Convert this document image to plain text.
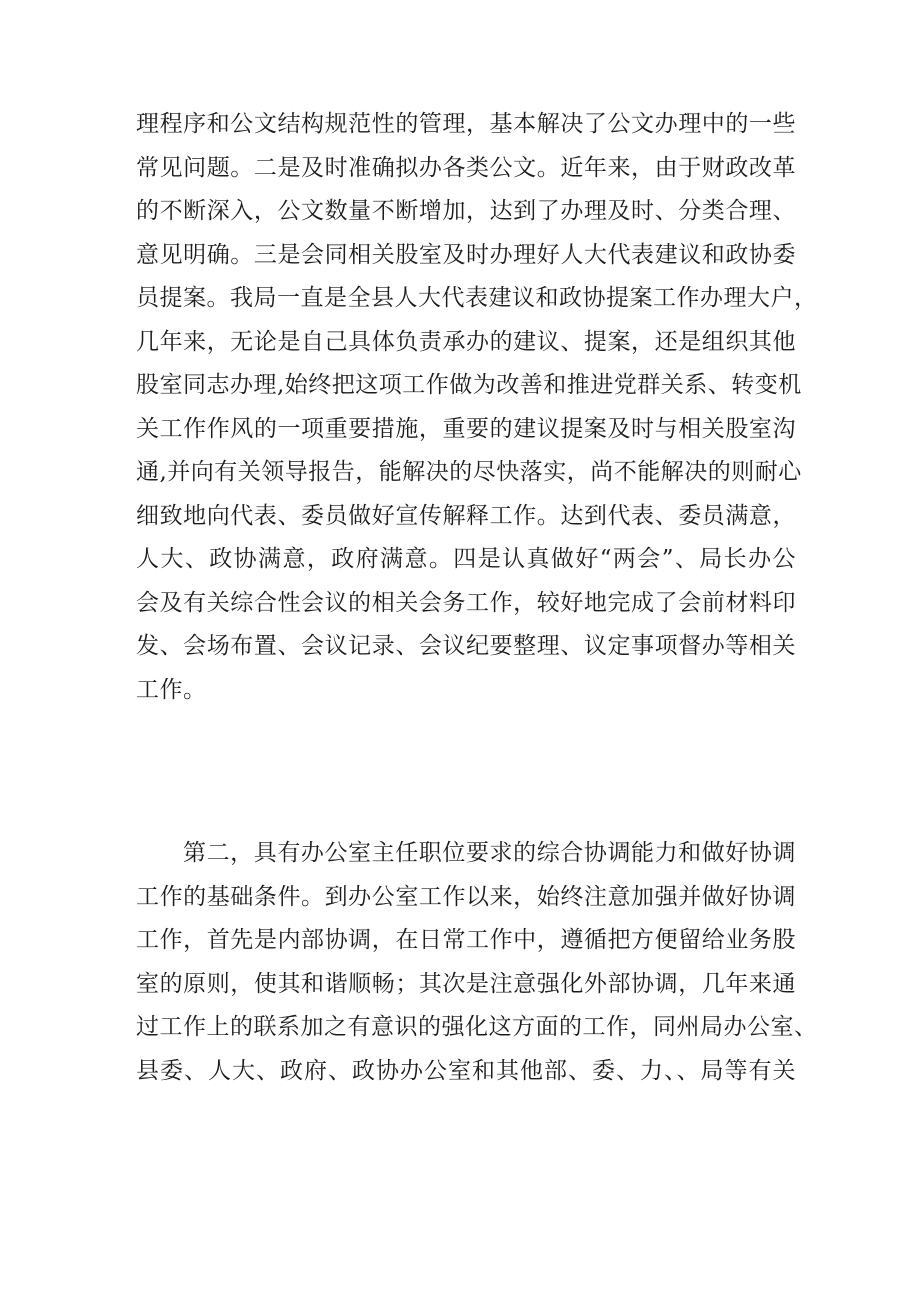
理程序和公文结构规范性的管理，基本解决了公文办理中的一些
常见问题。二是及时准确拟办各类公文。近年来，由于财政改革
的不断深入，公文数量不断增加，达到了办理及时、分类合理、
意见明确。三是会同相关股室及时办理好人大代表建议和政协委
员提案。我局一直是全县人大代表建议和政协提案工作办理大户，
几年来，无论是自己具体负责承办的建议、提案，还是组织其他
股室同志办理,始终把这项工作做为改善和推进党群关系、转变机
关工作作风的一项重要措施，重要的建议提案及时与相关股室沟
通,并向有关领导报告，能解决的尽快落实，尚不能解决的则耐心
细致地向代表、委员做好宣传解释工作。达到代表、委员满意，
人大、政协满意，政府满意。四是认真做好“两会”、局长办公
会及有关综合性会议的相关会务工作，较好地完成了会前材料印
发、会场布置、会议记录、会议纪要整理、议定事项督办等相关
工作。
第二，具有办公室主任职位要求的综合协调能力和做好协调
工作的基础条件。到办公室工作以来，始终注意加强并做好协调
工作，首先是内部协调，在日常工作中，遵循把方便留给业务股
室的原则，使其和谐顺畅；其次是注意强化外部协调，几年来通
过工作上的联系加之有意识的强化这方面的工作，同州局办公室、
县委、人大、政府、政协办公室和其他部、委、力、、局等有关
